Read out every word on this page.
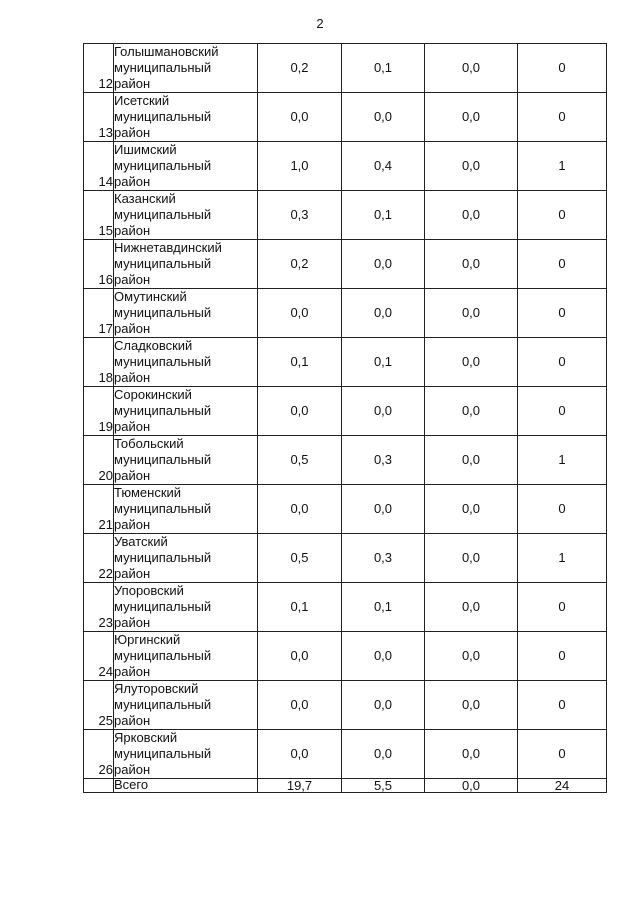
2
12	Голышмановский
муниципальный
район	0,2	0,1	0,0	0
13	Исетский
муниципальный
район	0,0	0,0	0,0	0
14	Ишимский
муниципальный
район	1,0	0,4	0,0	1
15	Казанский
муниципальный
район	0,3	0,1	0,0	0
16	Нижнетавдинский
муниципальный
район	0,2	0,0	0,0	0
17	Омутинский
муниципальный
район	0,0	0,0	0,0	0
18	Сладковский
муниципальный
район	0,1	0,1	0,0	0
19	Сорокинский
муниципальный
район	0,0	0,0	0,0	0
20	Тобольский
муниципальный
район	0,5	0,3	0,0	1
21	Тюменский
муниципальный
район	0,0	0,0	0,0	0
22	Уватский
муниципальный
район	0,5	0,3	0,0	1
23	Упоровский
муниципальный
район	0,1	0,1	0,0	0
24	Юргинский
муниципальный
район	0,0	0,0	0,0	0
25	Ялуторовский
муниципальный
район	0,0	0,0	0,0	0
26	Ярковский
муниципальный
район	0,0	0,0	0,0	0
	Всего	19,7	5,5	0,0	24
